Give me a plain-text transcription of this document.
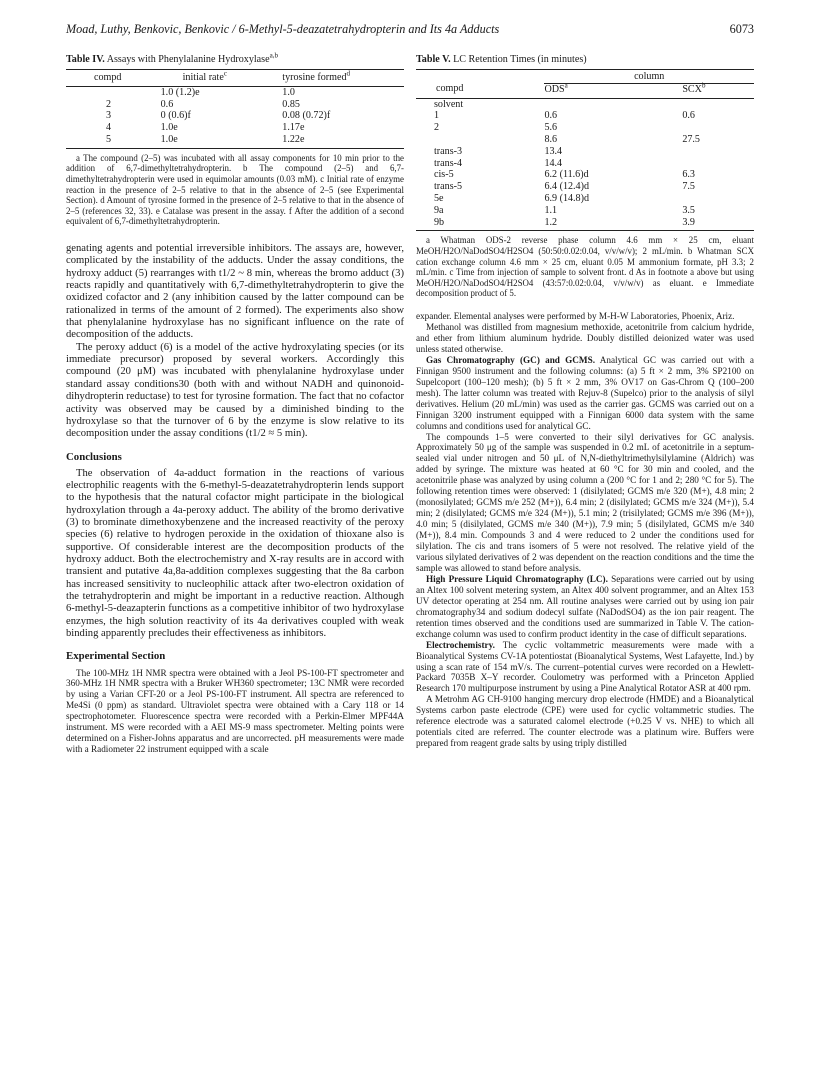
Moad, Luthy, Benkovic, Benkovic / 6-Methyl-5-deazatetrahydropterin and Its 4a Adducts	6073
Table IV. Assays with Phenylalanine Hydroxylase$^{a,b}$
compd	initial rate$^c$	tyrosine formed$^d$
	1.0 (1.2)e	1.0
2	0.6	0.85
3	0 (0.6)f	0.08 (0.72)f
4	1.0e	1.17e
5	1.0e	1.22e

a The compound (2–5) was incubated with all assay components for 10 min prior to the addition of 6,7-dimethyltetrahydropterin. b The compound (2–5) and 6,7-dimethyltetrahydropterin were used in equimolar amounts (0.03 mM). c Initial rate of enzyme reaction in the presence of 2–5 relative to that in the absence of 2–5 (see Experimental Section). d Amount of tyrosine formed in the presence of 2–5 relative to that in the absence of 2–5 (references 32, 33). e Catalase was present in the assay. f After the addition of a second equivalent of 6,7-dimethyltetrahydropterin.

genating agents and potential irreversible inhibitors. The assays are, however, complicated by the instability of the adducts. Under the assay conditions, the hydroxy adduct (5) rearranges with t1/2 ~ 8 min, whereas the bromo adduct (3) reacts rapidly and quantitatively with 6,7-dimethyltetrahydropterin to give the oxidized cofactor and 2 (any inhibition caused by the latter compound can be rationalized in terms of the amount of 2 formed). The experiments also show that phenylalanine hydroxylase has no significant influence on the rate of decomposition of the adducts.

The peroxy adduct (6) is a model of the active hydroxylating species (or its immediate precursor) proposed by several workers. Accordingly this compound (20 μM) was incubated with phenylalanine hydroxylase under standard assay conditions30 (both with and without NADH and quinonoid-dihydropterin reductase) to test for tyrosine formation. The fact that no cofactor activity was observed may be caused by a diminished binding to the hydroxylase so that the turnover of 6 by the enzyme is slow relative to its decomposition under the assay conditions (t1/2 ≈ 5 min).

Conclusions

The observation of 4a-adduct formation in the reactions of various electrophilic reagents with the 6-methyl-5-deazatetrahydropterin lends support to the hypothesis that the natural cofactor might participate in the biological hydroxylation through a 4a-peroxy adduct. The ability of the bromo derivative (3) to brominate dimethoxybenzene and the increased reactivity of the peroxy species (6) relative to hydrogen peroxide in the oxidation of thioxane also is supportive. Of considerable interest are the decomposition products of the hydroxy adduct. Both the electrochemistry and X-ray results are in accord with transient and putative 4a,8a-addition complexes suggesting that the 8a carbon has increased sensitivity to nucleophilic attack after two-electron oxidation of the tetrahydropterin and might be important in a reductive reaction. Although 6-methyl-5-deazapterin functions as a competitive inhibitor of two hydroxylase enzymes, the high solution reactivity of its 4a derivatives coupled with weak binding apparently precludes their effectiveness as inhibitors.

Experimental Section

The 100-MHz 1H NMR spectra were obtained with a Jeol PS-100-FT spectrometer and 360-MHz 1H NMR spectra with a Bruker WH360 spectrometer; 13C NMR were recorded by using a Varian CFT-20 or a Jeol PS-100-FT instrument. All spectra are referenced to Me4Si (0 ppm) as standard. Ultraviolet spectra were obtained with a Cary 118 or 14 spectrophotometer. Fluorescence spectra were recorded with a Perkin-Elmer MPF44A instrument. MS were recorded with a AEI MS-9 mass spectrometer. Melting points were determined on a Fisher-Johns apparatus and are uncorrected. pH measurements were made with a Radiometer 22 instrument equipped with a scale

Table V. LC Retention Times (in minutes)
	column	
compd	ODS$^a$	SCX$^b$
solvent		
1	0.6	0.6
2	5.6	
	8.6	27.5
trans-3	13.4	
trans-4	14.4	
cis-5	6.2 (11.6)d	6.3
trans-5	6.4 (12.4)d	7.5
5e	6.9 (14.8)d	
9a	1.1	3.5
9b	1.2	3.9

a Whatman ODS-2 reverse phase column 4.6 mm × 25 cm, eluant MeOH/H2O/NaDodSO4/H2SO4 (50:50:0.02:0.04, v/v/w/v); 2 mL/min. b Whatman SCX cation exchange column 4.6 mm × 25 cm, eluant 0.05 M ammonium formate, pH 3.3; 2 mL/min. c Time from injection of sample to solvent front. d As in footnote a above but using MeOH/H2O/NaDodSO4/H2SO4 (43:57:0.02:0.04, v/v/w/v) as eluant. e Immediate decomposition product of 5.

expander. Elemental analyses were performed by M-H-W Laboratories, Phoenix, Ariz.

Methanol was distilled from magnesium methoxide, acetonitrile from calcium hydride, and ether from lithium aluminum hydride. Doubly distilled deionized water was used unless stated otherwise.

Gas Chromatography (GC) and GCMS. Analytical GC was carried out with a Finnigan 9500 instrument and the following columns: (a) 5 ft × 2 mm, 3% SP2100 on Supelcoport (100–120 mesh); (b) 5 ft × 2 mm, 3% OV17 on Gas-Chrom Q (100–200 mesh). The latter column was treated with Rejuv-8 (Supelco) prior to the analysis of silyl derivatives. Helium (20 mL/min) was used as the carrier gas. GCMS was carried out on a Finnigan 3200 instrument equipped with a Finnigan 6000 data system with the same columns and conditions used for analytical GC.

The compounds 1–5 were converted to their silyl derivatives for GC analysis. Approximately 50 μg of the sample was suspended in 0.2 mL of acetonitrile in a septum-sealed vial under nitrogen and 50 μL of N,N-diethyltrimethylsilylamine (Aldrich) was added by syringe. The mixture was heated at 60 °C for 30 min and cooled, and the acetonitrile phase was analyzed by using column a (200 °C for 1 and 2; 280 °C for 5). The following retention times were observed: 1 (disilylated; GCMS m/e 320 (M+), 4.8 min; 2 (monosilylated; GCMS m/e 252 (M+)), 6.4 min; 2 (disilylated; GCMS m/e 324 (M+)), 5.4 min; 2 (disilylated; GCMS m/e 324 (M+)), 5.1 min; 2 (trisilylated; GCMS m/e 396 (M+)), 4.0 min; 5 (disilylated, GCMS m/e 340 (M+)), 7.9 min; 5 (disilylated, GCMS m/e 340 (M+)), 8.4 min. Compounds 3 and 4 were reduced to 2 under the conditions used for silylation. The cis and trans isomers of 5 were not resolved. The relative yield of the various silylated derivatives of 2 was dependent on the reaction conditions and the time the sample was allowed to stand before analysis.

High Pressure Liquid Chromatography (LC). Separations were carried out by using an Altex 100 solvent metering system, an Altex 400 solvent programmer, and an Altex 153 UV detector operating at 254 nm. All routine analyses were carried out by using ion pair chromatography34 and sodium dodecyl sulfate (NaDodSO4) as the ion pair reagent. The retention times observed and the conditions used are summarized in Table V. The cation-exchange column was used to confirm product identity in the case of difficult separations.

Electrochemistry. The cyclic voltammetric measurements were made with a Bioanalytical Systems CV-1A potentiostat (Bioanalytical Systems, West Lafayette, Ind.) by using a scan rate of 154 mV/s. The current–potential curves were recorded on a Hewlett-Packard 7035B X–Y recorder. Coulometry was performed with a Princeton Applied Research 170 multipurpose instrument by using a Pine Analytical Rotator ASR at 400 rpm.

A Metrohm AG CH-9100 hanging mercury drop electrode (HMDE) and a Bioanalytical Systems carbon paste electrode (CPE) were used for cyclic voltammetric studies. The reference electrode was a saturated calomel electrode (+0.25 V vs. NHE) to which all potentials cited are referred. The counter electrode was a platinum wire. Buffers were prepared from reagent grade salts by using triply distilled
